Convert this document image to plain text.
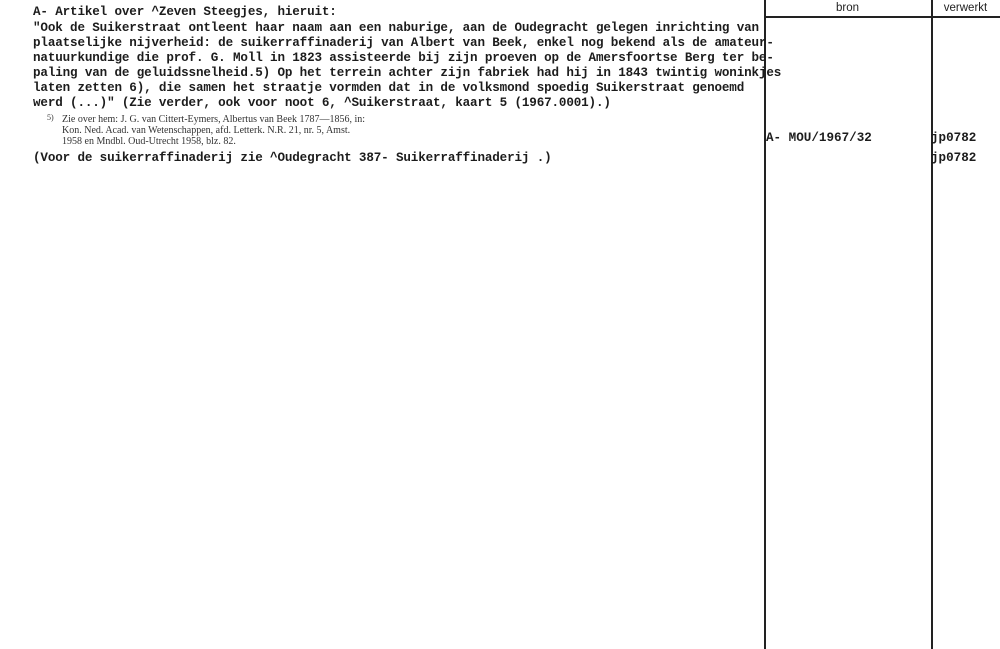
bron	verwerkt
A- Artikel over ^Zeven Steegjes, hieruit:
"Ook de Suikerstraat ontleent haar naam aan een naburige, aan de Oudegracht gelegen inrichting van
plaatselijke nijverheid: de suikerraffinaderij van Albert van Beek, enkel nog bekend als de amateur-
natuurkundige die prof. G. Moll in 1823 assisteerde bij zijn proeven op de Amersfoortse Berg ter be-
paling van de geluidssnelheid.5) Op het terrein achter zijn fabriek had hij in 1843 twintig woninkjes
laten zetten 6), die samen het straatje vormden dat in de volksmond spoedig Suikerstraat genoemd
werd (...)" (Zie verder, ook voor noot 6, ^Suikerstraat, kaart 5 (1967.0001).)
5) Zie over hem: J. G. van Cittert-Eymers, Albertus van Beek 1787—1856, in:
Kon. Ned. Acad. van Wetenschappen, afd. Letterk. N.R. 21, nr. 5, Amst.
1958 en Mndbl. Oud-Utrecht 1958, blz. 82.
(Voor de suikerraffinaderij zie ^Oudegracht 387- Suikerraffinaderij .)
A- MOU/1967/32	jp0782
jp0782
